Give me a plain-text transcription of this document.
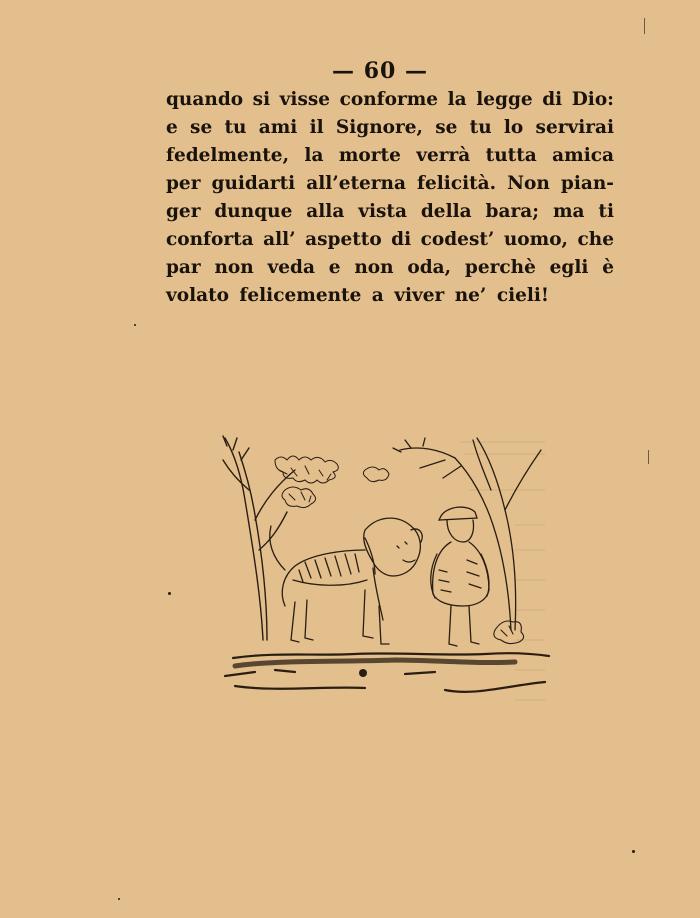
— 60 —
quando si visse conforme la legge di Dio:
e se tu ami il Signore, se tu lo servirai
fedelmente, la morte verrà tutta amica
per guidarti all’eterna felicità. Non pian-
ger dunque alla vista della bara; ma ti
conforta all’ aspetto di codest’ uomo, che
par non veda e non oda, perchè egli è
volato felicemente a viver ne’ cieli!
